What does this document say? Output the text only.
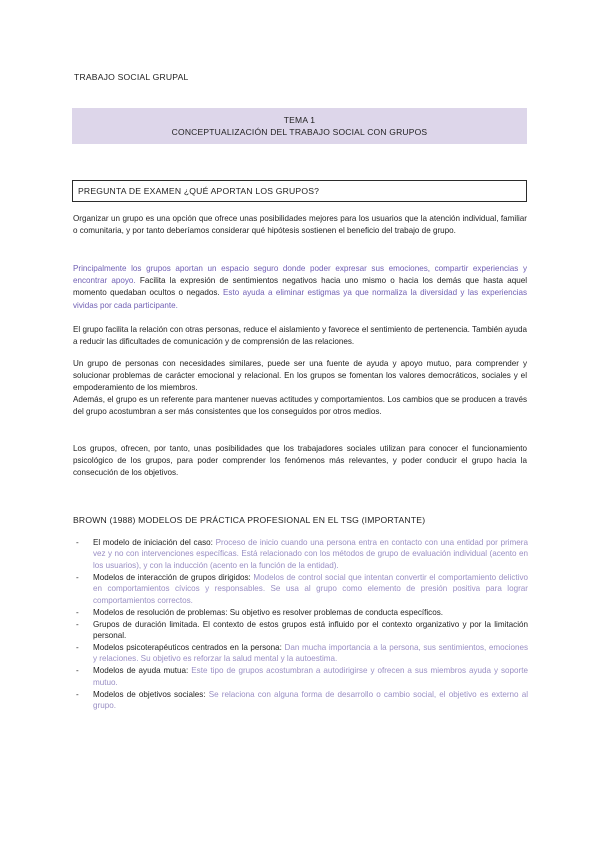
TRABAJO SOCIAL GRUPAL
TEMA 1
CONCEPTUALIZACIÓN DEL TRABAJO SOCIAL CON GRUPOS
PREGUNTA DE EXAMEN ¿QUÉ APORTAN LOS GRUPOS?
Organizar un grupo es una opción que ofrece unas posibilidades mejores para los usuarios que la atención individual, familiar o comunitaria, y por tanto deberíamos considerar qué hipótesis sostienen el beneficio del trabajo de grupo.
Principalmente los grupos aportan un espacio seguro donde poder expresar sus emociones, compartir experiencias y encontrar apoyo. Facilita la expresión de sentimientos negativos hacia uno mismo o hacia los demás que hasta aquel momento quedaban ocultos o negados. Esto ayuda a eliminar estigmas ya que normaliza la diversidad y las experiencias vividas por cada participante.
El grupo facilita la relación con otras personas, reduce el aislamiento y favorece el sentimiento de pertenencia. También ayuda a reducir las dificultades de comunicación y de comprensión de las relaciones.
Un grupo de personas con necesidades similares, puede ser una fuente de ayuda y apoyo mutuo, para comprender y solucionar problemas de carácter emocional y relacional. En los grupos se fomentan los valores democráticos, sociales y el empoderamiento de los miembros.
Además, el grupo es un referente para mantener nuevas actitudes y comportamientos. Los cambios que se producen a través del grupo acostumbran a ser más consistentes que los conseguidos por otros medios.
Los grupos, ofrecen, por tanto, unas posibilidades que los trabajadores sociales utilizan para conocer el funcionamiento psicológico de los grupos, para poder comprender los fenómenos más relevantes, y poder conducir el grupo hacia la consecución de los objetivos.
BROWN (1988) MODELOS DE PRÁCTICA PROFESIONAL EN EL TSG (IMPORTANTE)
- El modelo de iniciación del caso: Proceso de inicio cuando una persona entra en contacto con una entidad por primera vez y no con intervenciones específicas. Está relacionado con los métodos de grupo de evaluación individual (acento en los usuarios), y con la inducción (acento en la función de la entidad).
- Modelos de interacción de grupos dirigidos: Modelos de control social que intentan convertir el comportamiento delictivo en comportamientos cívicos y responsables. Se usa al grupo como elemento de presión positiva para lograr comportamientos correctos.
- Modelos de resolución de problemas: Su objetivo es resolver problemas de conducta específicos.
- Grupos de duración limitada. El contexto de estos grupos está influido por el contexto organizativo y por la limitación personal.
- Modelos psicoterapéuticos centrados en la persona: Dan mucha importancia a la persona, sus sentimientos, emociones y relaciones. Su objetivo es reforzar la salud mental y la autoestima.
- Modelos de ayuda mutua: Este tipo de grupos acostumbran a autodirigirse y ofrecen a sus miembros ayuda y soporte mutuo.
- Modelos de objetivos sociales: Se relaciona con alguna forma de desarrollo o cambio social, el objetivo es externo al grupo.
